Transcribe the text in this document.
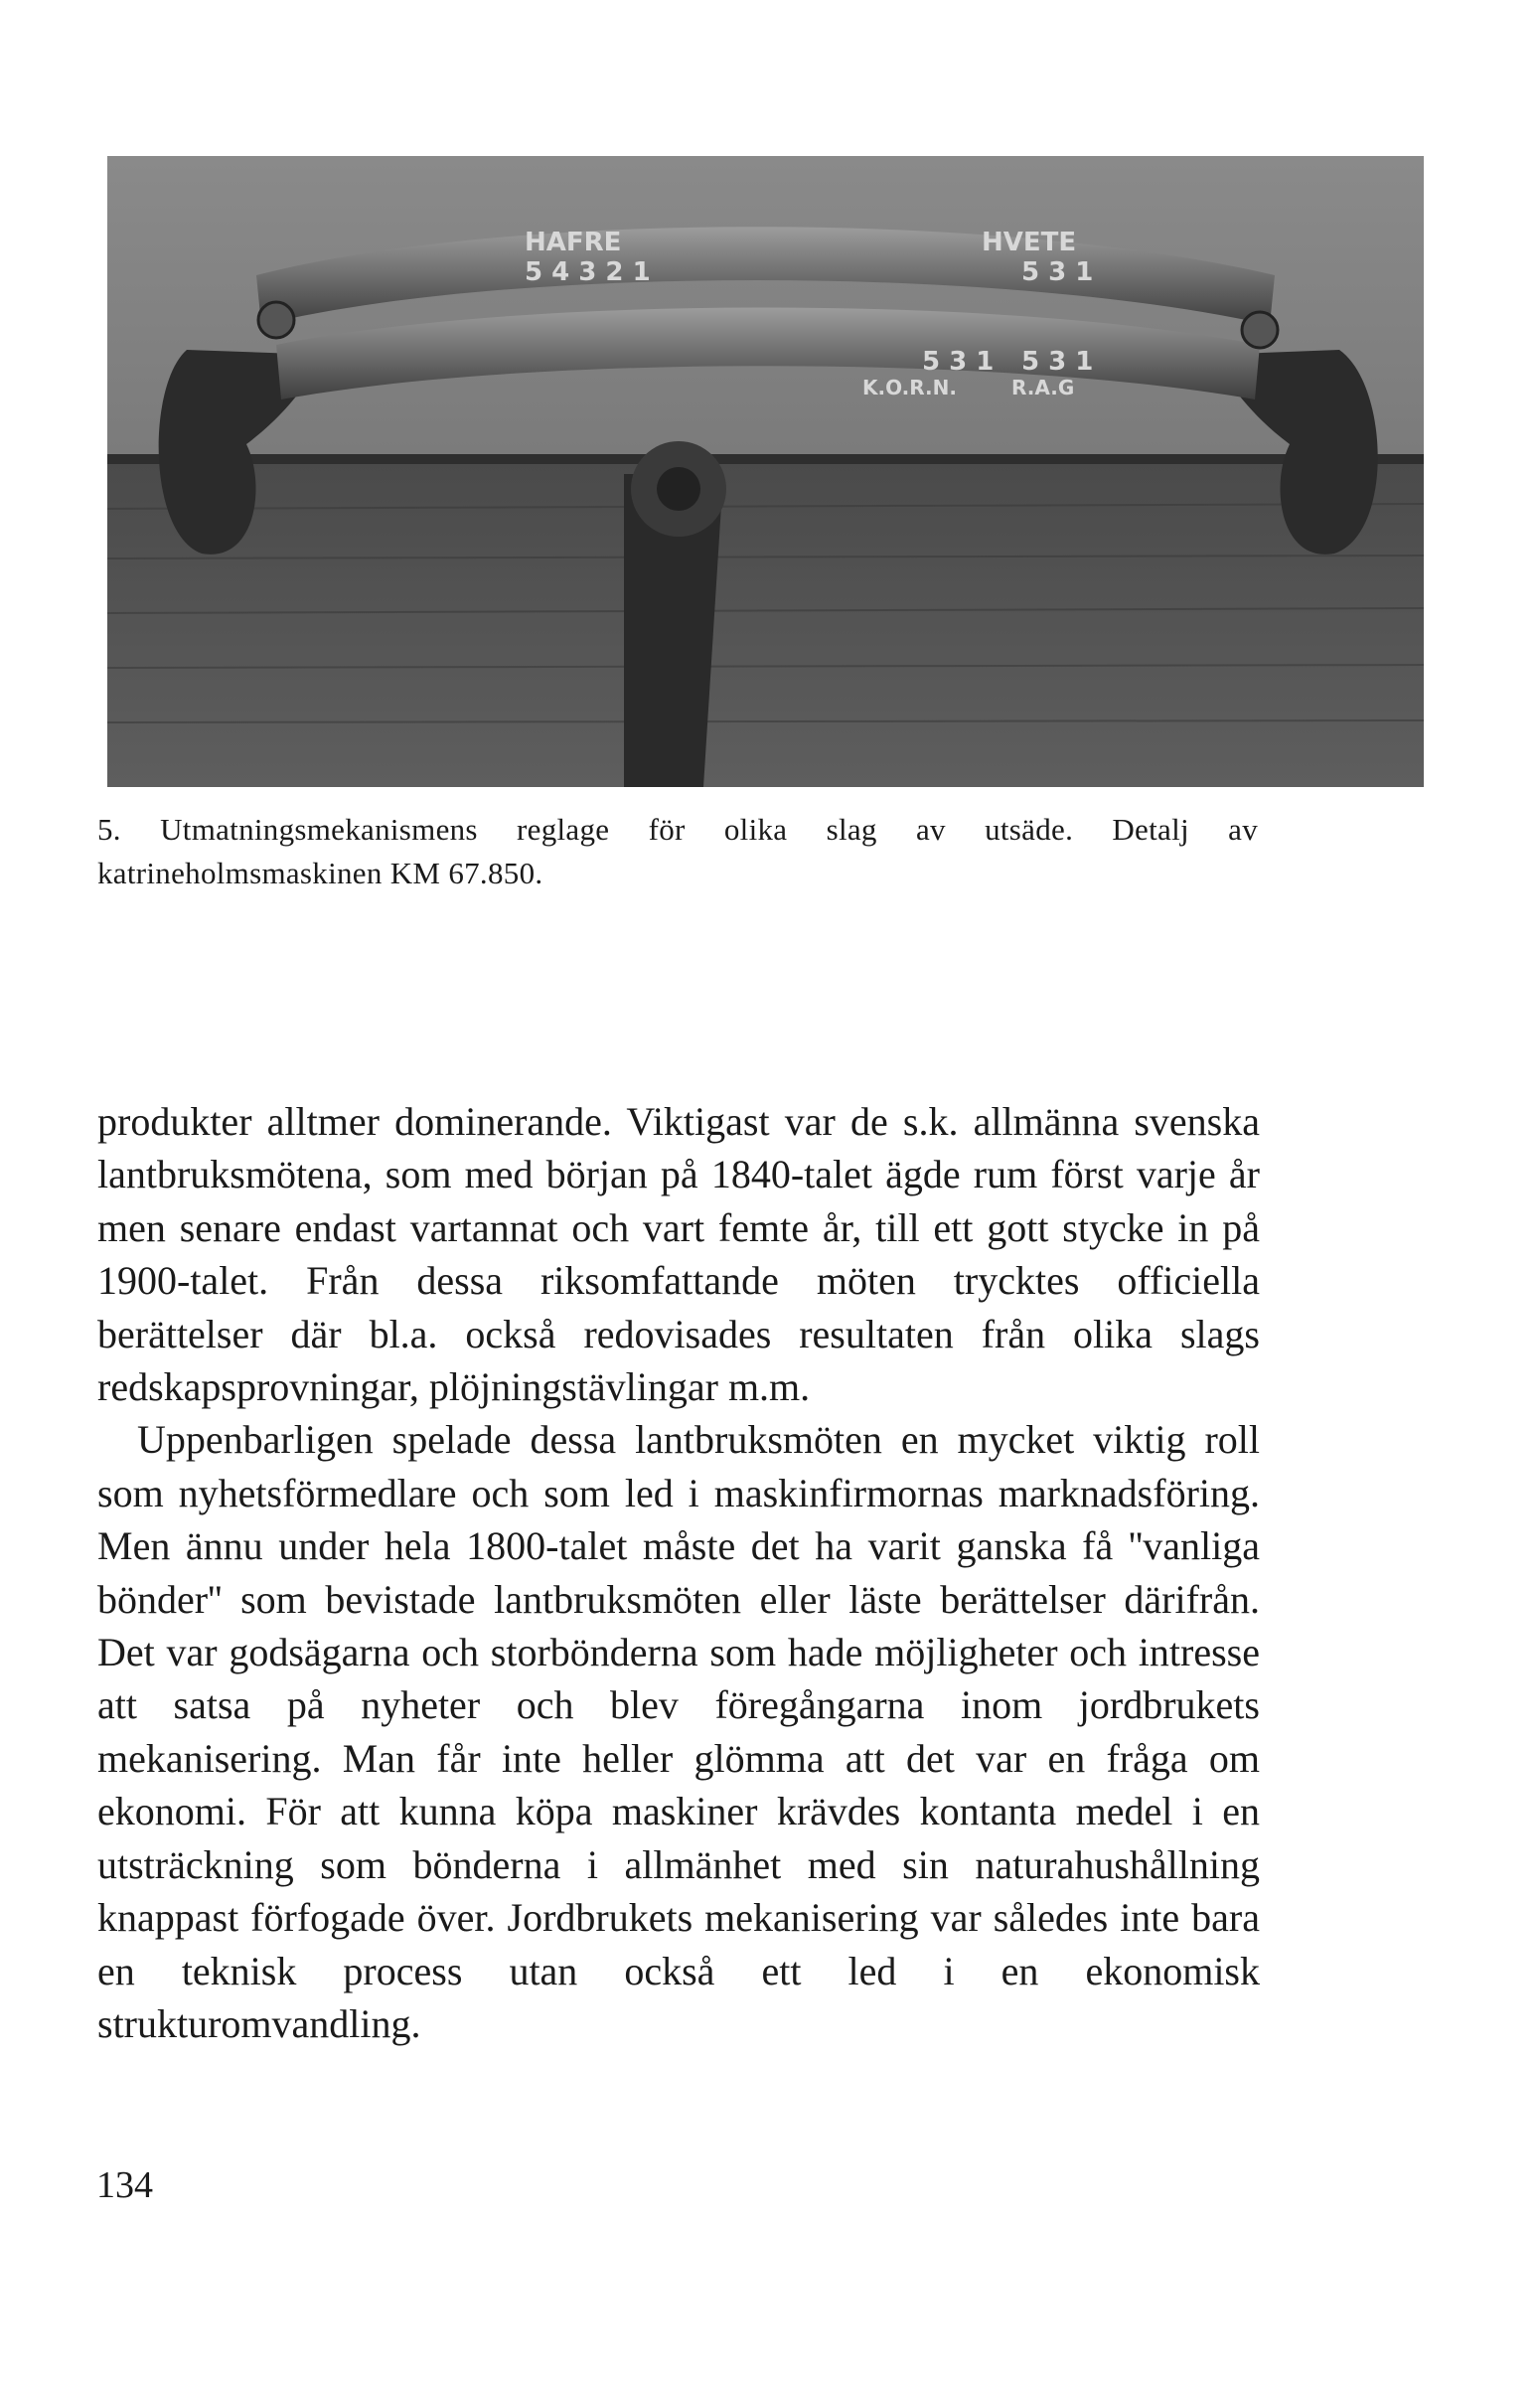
HAFRE
5 4 3 2 1
HVETE
5 3 1
5 3 1 5 3 1
K.O.R.N.	R.A.G
5. Utmatningsmekanismens reglage för olika slag av utsäde. Detalj av katrineholmsmaskinen KM 67.850.

produkter alltmer dominerande. Viktigast var de s.k. allmänna svenska lantbruksmötena, som med början på 1840-talet ägde rum först varje år men senare endast vartannat och vart femte år, till ett gott stycke in på 1900-talet. Från dessa riksomfattande möten trycktes officiella berättelser där bl.a. också redovisades resultaten från olika slags redskapsprovningar, plöjningstävlingar m.m.

Uppenbarligen spelade dessa lantbruksmöten en mycket viktig roll som nyhetsförmedlare och som led i maskinfirmornas marknadsföring. Men ännu under hela 1800-talet måste det ha varit ganska få ''vanliga bönder'' som bevistade lantbruksmöten eller läste berättelser därifrån. Det var godsägarna och storbönderna som hade möjligheter och intresse att satsa på nyheter och blev föregångarna inom jordbrukets mekanisering. Man får inte heller glömma att det var en fråga om ekonomi. För att kunna köpa maskiner krävdes kontanta medel i en utsträckning som bönderna i allmänhet med sin naturahushållning knappast förfogade över. Jordbrukets mekanisering var således inte bara en teknisk process utan också ett led i en ekonomisk strukturomvandling.

134
